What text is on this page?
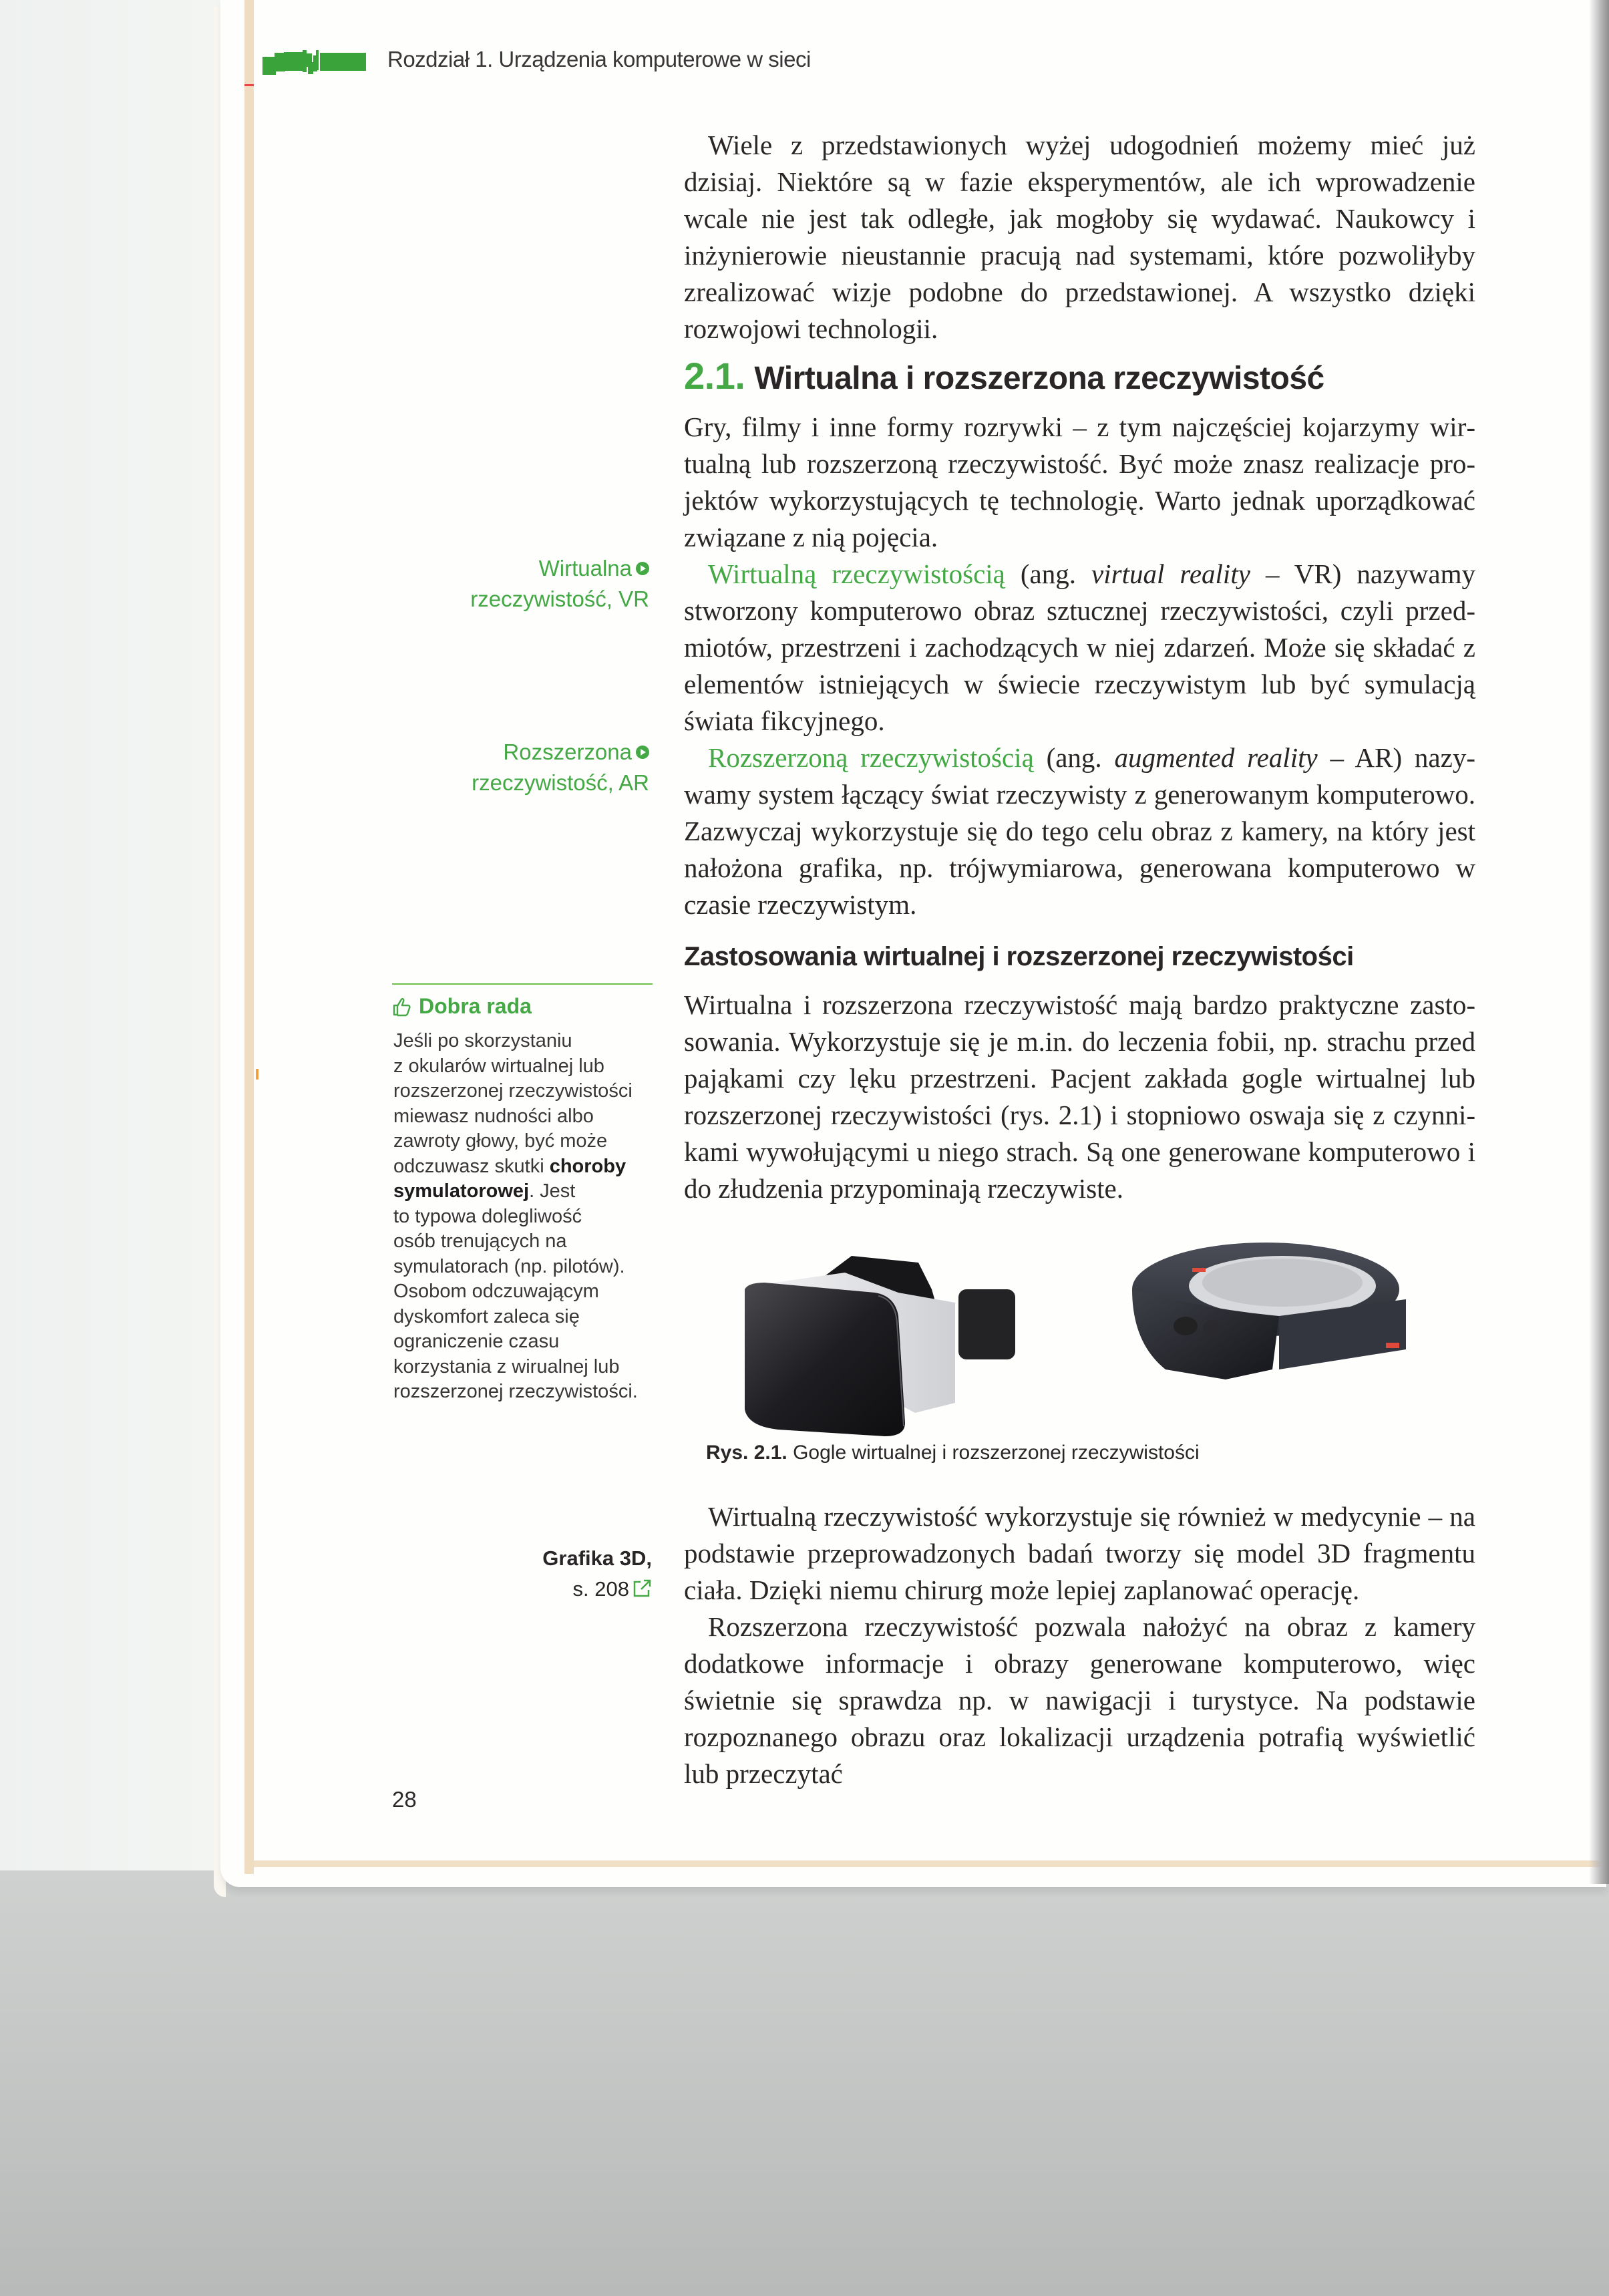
Rozdział 1. Urządzenia komputerowe w sieci

Wiele z przedstawionych wyżej udogodnień możemy mieć już dzisiaj. Niektóre są w fazie eksperymentów, ale ich wprowadzenie wcale nie jest tak odległe, jak mogłoby się wydawać. Naukowcy i inżynierowie nieustannie pracują nad systemami, które pozwoliłyby zrealizować wizje podobne do przedstawionej. A wszystko dzięki rozwojowi technologii.

2.1. Wirtualna i rozszerzona rzeczywistość

Gry, filmy i inne formy rozrywki – z tym najczęściej kojarzymy wirtualną lub rozszerzoną rzeczywistość. Być może znasz realizacje projektów wykorzystujących tę technologię. Warto jednak uporządkować związane z nią pojęcia.

Wirtualna
rzeczywistość, VR

Wirtualną rzeczywistością (ang. virtual reality – VR) nazywamy stworzony komputerowo obraz sztucznej rzeczywistości, czyli przedmiotów, przestrzeni i zachodzących w niej zdarzeń. Może się składać z elementów istniejących w świecie rzeczywistym lub być symulacją świata fikcyjnego.

Rozszerzona
rzeczywistość, AR

Rozszerzoną rzeczywistością (ang. augmented reality – AR) nazywamy system łączący świat rzeczywisty z generowanym komputerowo. Zazwyczaj wykorzystuje się do tego celu obraz z kamery, na który jest nałożona grafika, np. trójwymiarowa, generowana komputerowo w czasie rzeczywistym.

Zastosowania wirtualnej i rozszerzonej rzeczywistości

Wirtualna i rozszerzona rzeczywistość mają bardzo praktyczne zastosowania. Wykorzystuje się je m.in. do leczenia fobii, np. strachu przed pająkami czy lęku przestrzeni. Pacjent zakłada gogle wirtualnej lub rozszerzonej rzeczywistości (rys. 2.1) i stopniowo oswaja się z czynnikami wywołującymi u niego strach. Są one generowane komputerowo i do złudzenia przypominają rzeczywiste.

Dobra rada
Jeśli po skorzystaniu
z okularów wirtualnej lub
rozszerzonej rzeczywistości
miewasz nudności albo
zawroty głowy, być może
odczuwasz skutki choroby
symulatorowej. Jest
to typowa dolegliwość
osób trenujących na
symulatorach (np. pilotów).
Osobom odczuwającym
dyskomfort zaleca się
ograniczenie czasu
korzystania z wirualnej lub
rozszerzonej rzeczywistości.
Rys. 2.1. Gogle wirtualnej i rozszerzonej rzeczywistości

Wirtualną rzeczywistość wykorzystuje się również w medycynie – na podstawie przeprowadzonych badań tworzy się model 3D fragmentu ciała. Dzięki niemu chirurg może lepiej zaplanować operację.

Rozszerzona rzeczywistość pozwala nałożyć na obraz z kamery dodatkowe informacje i obrazy generowane komputerowo, więc świetnie się sprawdza np. w nawigacji i turystyce. Na podstawie rozpoznanego obrazu oraz lokalizacji urządzenia potrafią wyświetlić lub przeczytać

Grafika 3D,
s. 208
28
